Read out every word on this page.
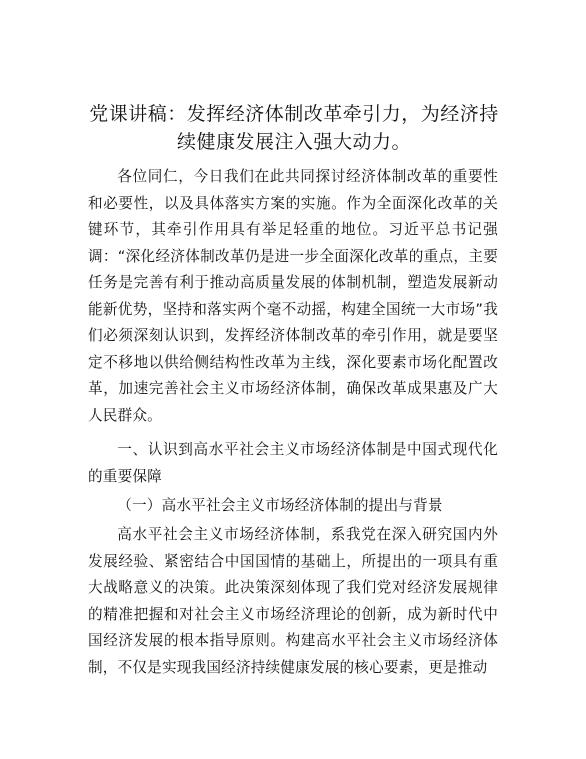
党课讲稿：发挥经济体制改革牵引力，为经济持续健康发展注入强大动力。

各位同仁，今日我们在此共同探讨经济体制改革的重要性和必要性，以及具体落实方案的实施。作为全面深化改革的关键环节，其牵引作用具有举足轻重的地位。习近平总书记强调：“深化经济体制改革仍是进一步全面深化改革的重点，主要任务是完善有利于推动高质量发展的体制机制，塑造发展新动能新优势，坚持和落实两个毫不动摇，构建全国统一大市场”我们必须深刻认识到，发挥经济体制改革的牵引作用，就是要坚定不移地以供给侧结构性改革为主线，深化要素市场化配置改革，加速完善社会主义市场经济体制，确保改革成果惠及广大人民群众。

一、认识到高水平社会主义市场经济体制是中国式现代化的重要保障

（一）高水平社会主义市场经济体制的提出与背景

高水平社会主义市场经济体制，系我党在深入研究国内外发展经验、紧密结合中国国情的基础上，所提出的一项具有重大战略意义的决策。此决策深刻体现了我们党对经济发展规律的精准把握和对社会主义市场经济理论的创新，成为新时代中国经济发展的根本指导原则。构建高水平社会主义市场经济体制，不仅是实现我国经济持续健康发展的核心要素，更是推动
